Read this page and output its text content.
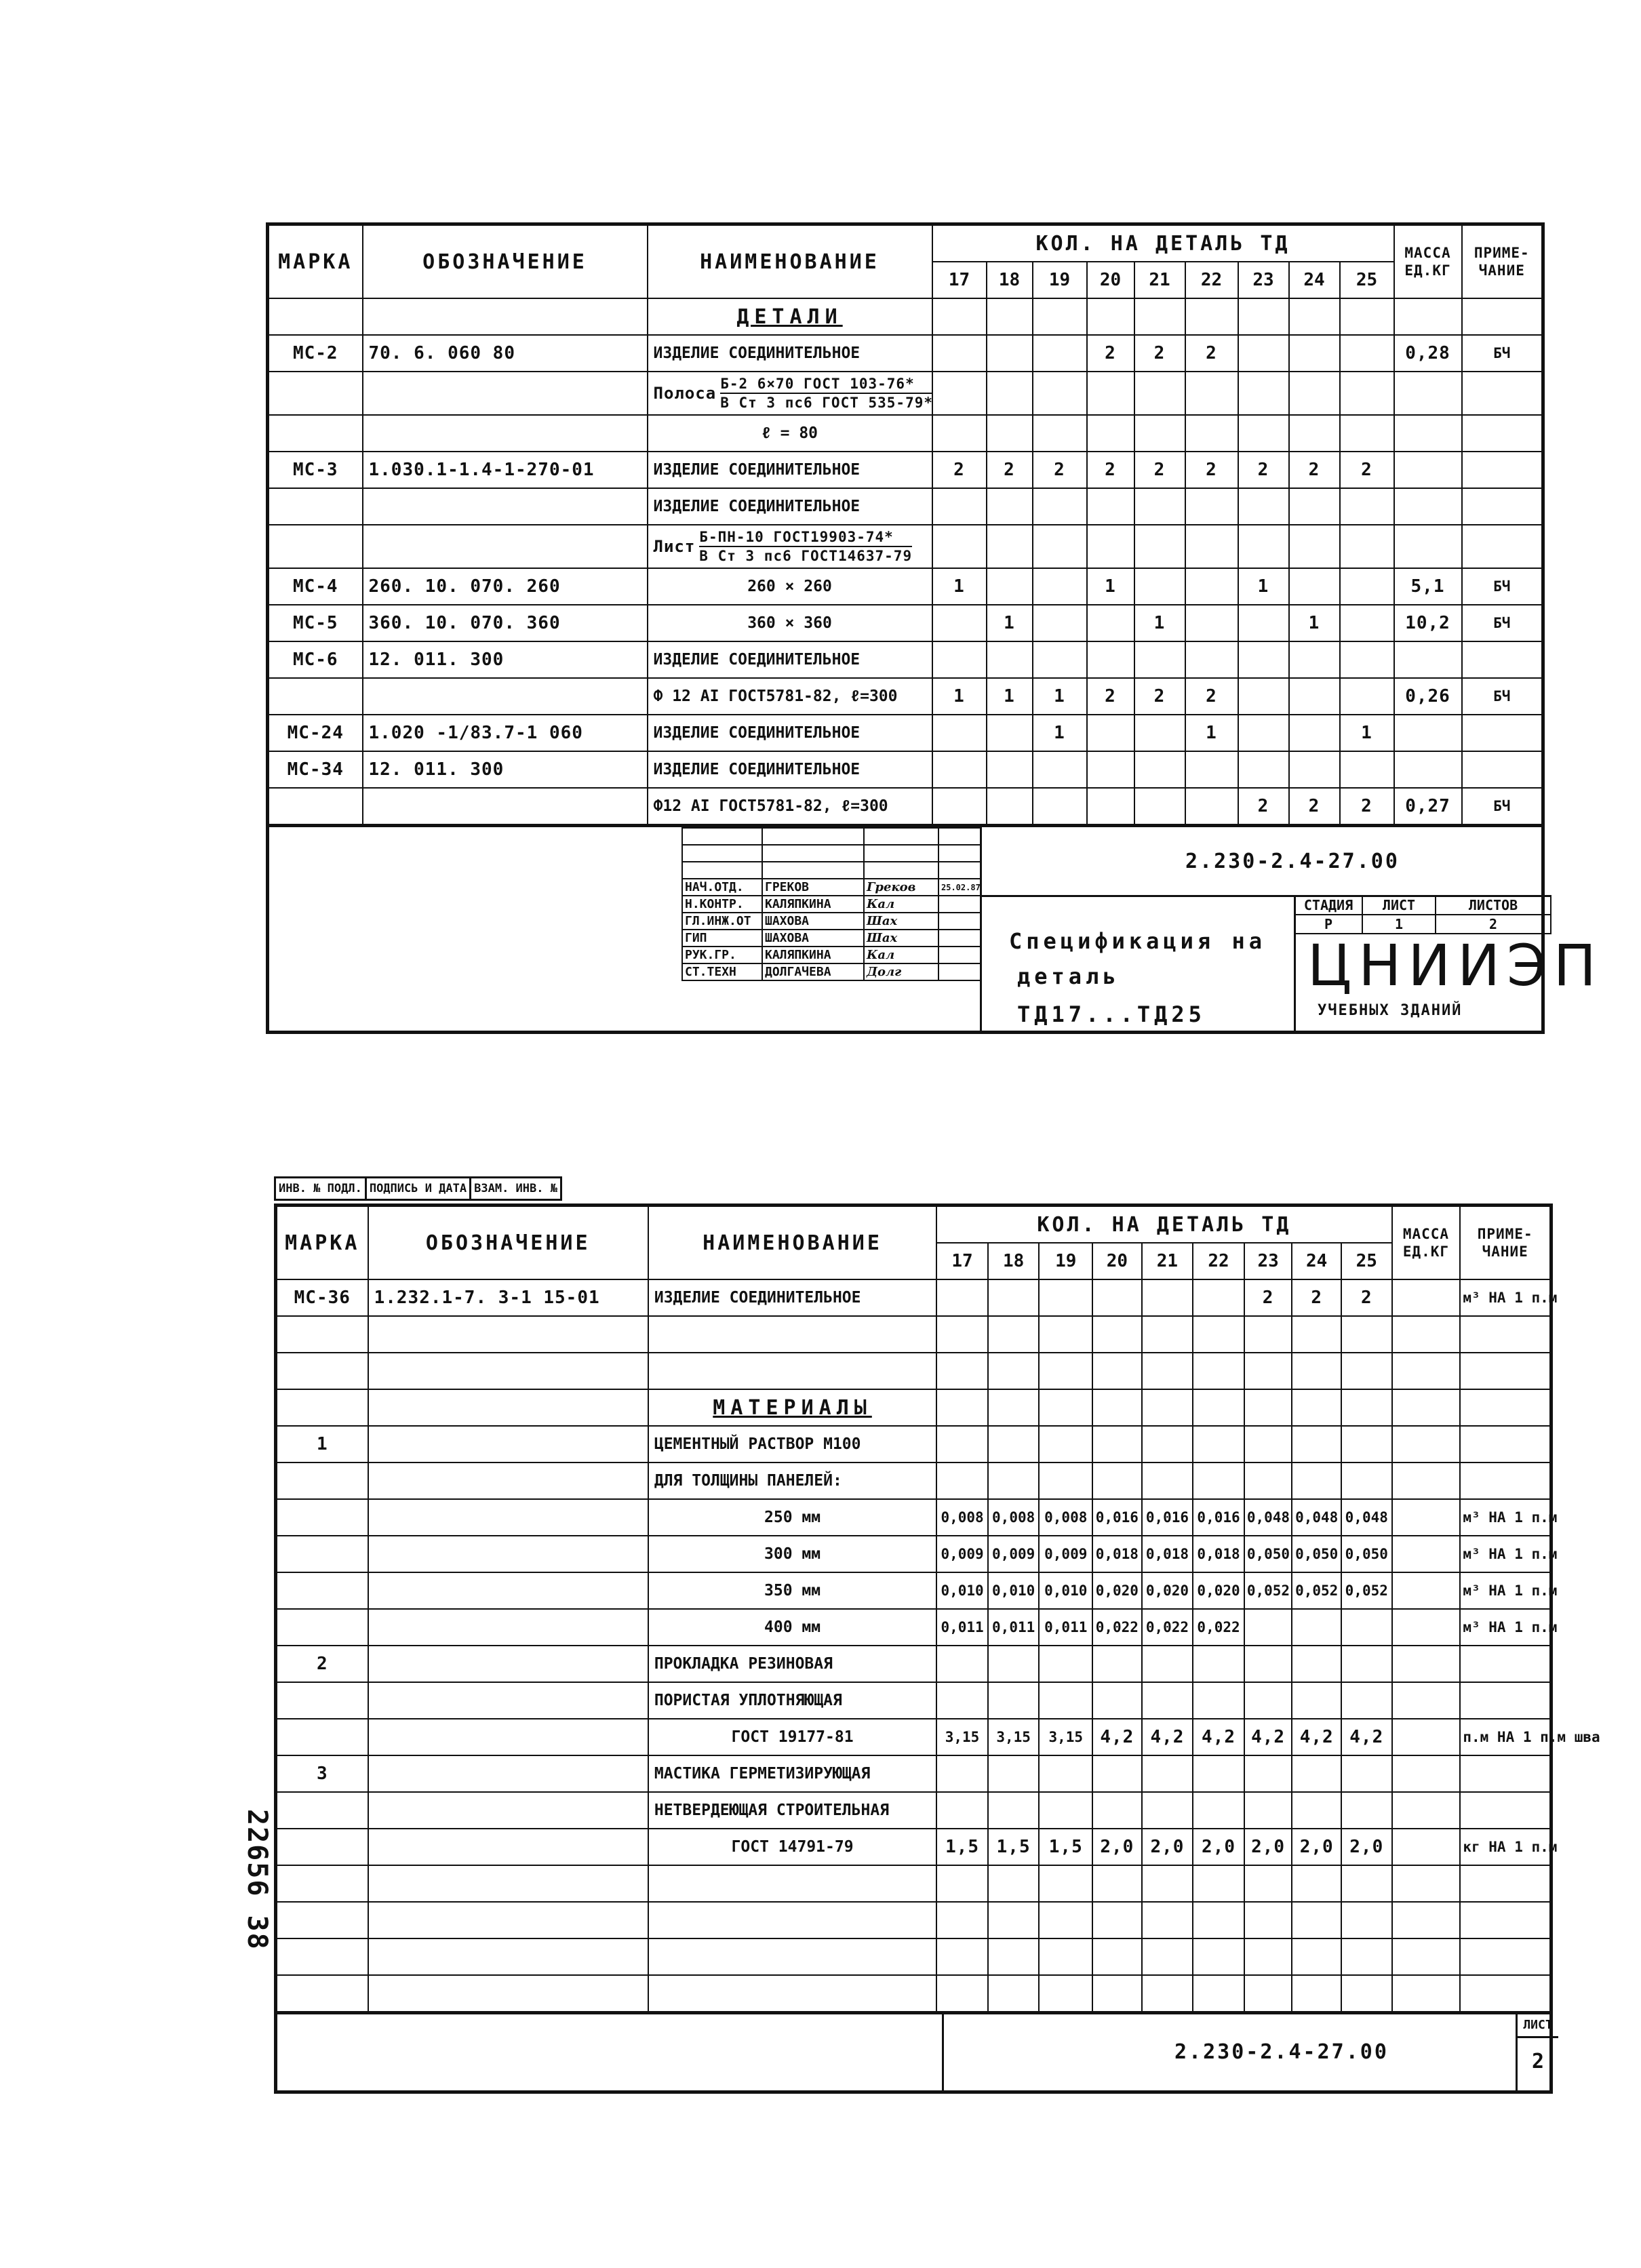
МАРКА	ОБОЗНАЧЕНИЕ	НАИМЕНОВАНИЕ	КОЛ. НА ДЕТАЛЬ ТД									МАССА ЕД.КГ	ПРИМЕ-ЧАНИЕ
			17	18	19	20	21	22	23	24	25		
		ДЕТАЛИ											
МС-2	70. 6. 060 80	ИЗДЕЛИЕ СОЕДИНИТЕЛЬНОЕ				2	2	2				0,28	БЧ
		Полоса $\frac{\text{Б-2 6×70 ГОСТ 103-76*}}{\text{В Ст 3 пс6 ГОСТ 535-79*}}$											
		ℓ = 80											
МС-3	1.030.1-1.4-1-270-01	ИЗДЕЛИЕ СОЕДИНИТЕЛЬНОЕ	2	2	2	2	2	2	2	2	2		
		ИЗДЕЛИЕ СОЕДИНИТЕЛЬНОЕ											
		Лист $\frac{\text{Б-ПН-10 ГОСТ19903-74*}}{\text{В Ст 3 пс6 ГОСТ14637-79}}$											
МС-4	260. 10. 070. 260	260 × 260	1			1			1			5,1	БЧ
МС-5	360. 10. 070. 360	360 × 360		1			1			1		10,2	БЧ
МС-6	12. 011. 300	ИЗДЕЛИЕ СОЕДИНИТЕЛЬНОЕ											
		Ф 12 AI ГОСТ5781-82, ℓ=300	1	1	1	2	2	2				0,26	БЧ
МС-24	1.020 -1/83.7-1 060	ИЗДЕЛИЕ СОЕДИНИТЕЛЬНОЕ			1			1			1		
МС-34	12. 011. 300	ИЗДЕЛИЕ СОЕДИНИТЕЛЬНОЕ											
		Ф12 AI ГОСТ5781-82, ℓ=300							2	2	2	0,27	БЧ

НАЧ.ОТД.	ГРЕКОВ	Греков	25.02.87
Н.КОНТР.	КАЛЯПКИНА	Кал	
ГЛ.ИНЖ.ОТ	ШАХОВА	Шах	
ГИП	ШАХОВА	Шах	
РУК.ГР.	КАЛЯПКИНА	Кал	
СТ.ТЕХН	ДОЛГАЧЕВА	Долг	
2.230-2.4-27.00
Спецификация на
деталь ТД17...ТД25
СТАДИЯ	ЛИСТ	ЛИСТОВ
Р	1	2
ЦНИИЭП
УЧЕБНЫХ ЗДАНИЙ
ИНВ. № ПОДЛ.	ПОДПИСЬ И ДАТА	ВЗАМ. ИНВ. №
22656 38
МАРКА	ОБОЗНАЧЕНИЕ	НАИМЕНОВАНИЕ	КОЛ. НА ДЕТАЛЬ ТД									МАССА ЕД.КГ	ПРИМЕ-ЧАНИЕ
			17	18	19	20	21	22	23	24	25		
МС-36	1.232.1-7. 3-1 15-01	ИЗДЕЛИЕ СОЕДИНИТЕЛЬНОЕ							2	2	2		м³ НА 1 п.м

		МАТЕРИАЛЫ											
1		ЦЕМЕНТНЫЙ РАСТВОР М100											
		ДЛЯ ТОЛЩИНЫ ПАНЕЛЕЙ:											
		250 мм	0,008	0,008	0,008	0,016	0,016	0,016	0,048	0,048	0,048		м³ НА 1 п.м
		300 мм	0,009	0,009	0,009	0,018	0,018	0,018	0,050	0,050	0,050		м³ НА 1 п.м
		350 мм	0,010	0,010	0,010	0,020	0,020	0,020	0,052	0,052	0,052		м³ НА 1 п.м
		400 мм	0,011	0,011	0,011	0,022	0,022	0,022					м³ НА 1 п.м
2		ПРОКЛАДКА РЕЗИНОВАЯ											
		ПОРИСТАЯ УПЛОТНЯЮЩАЯ											
		ГОСТ 19177-81	3,15	3,15	3,15	4,2	4,2	4,2	4,2	4,2	4,2		п.м НА 1 п.м шва
3		МАСТИКА ГЕРМЕТИЗИРУЮЩАЯ											
		НЕТВЕРДЕЮЩАЯ СТРОИТЕЛЬНАЯ											
		ГОСТ 14791-79	1,5	1,5	1,5	2,0	2,0	2,0	2,0	2,0	2,0		кг НА 1 п.м

2.230-2.4-27.00
ЛИСТ
2
